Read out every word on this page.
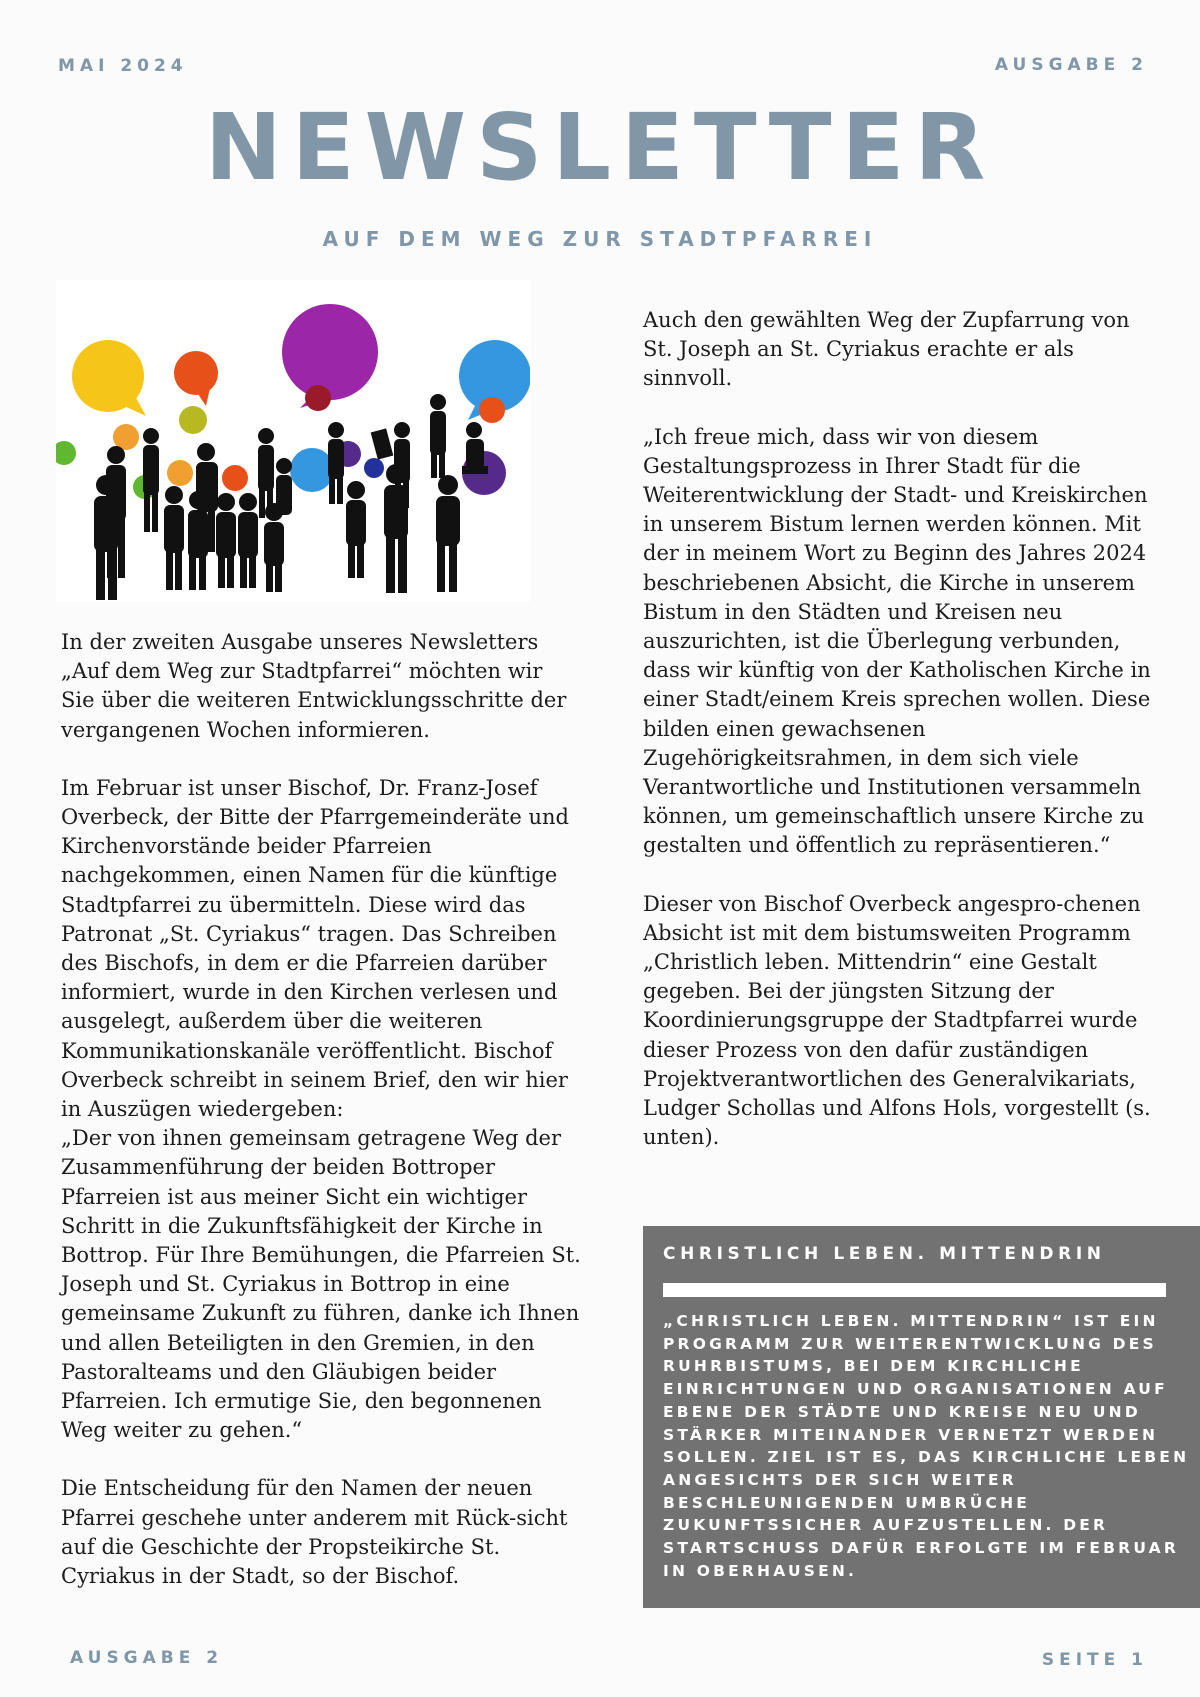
MAI 2024	AUSGABE 2
NEWSLETTER
AUF DEM WEG ZUR STADTPFARREI

In der zweiten Ausgabe unseres Newsletters „Auf dem Weg zur Stadtpfarrei“ möchten wir Sie über die weiteren Entwicklungsschritte der vergangenen Wochen informieren.

Im Februar ist unser Bischof, Dr. Franz-Josef Overbeck, der Bitte der Pfarrgemeinderäte und Kirchenvorstände beider Pfarreien nachgekommen, einen Namen für die künftige Stadtpfarrei zu übermitteln. Diese wird das Patronat „St. Cyriakus“ tragen. Das Schreiben des Bischofs, in dem er die Pfarreien darüber informiert, wurde in den Kirchen verlesen und ausgelegt, außerdem über die weiteren Kommunikationskanäle veröffentlicht. Bischof Overbeck schreibt in seinem Brief, den wir hier in Auszügen wiedergeben:

„Der von ihnen gemeinsam getragene Weg der Zusammenführung der beiden Bottroper Pfarreien ist aus meiner Sicht ein wichtiger Schritt in die Zukunftsfähigkeit der Kirche in Bottrop. Für Ihre Bemühungen, die Pfarreien St. Joseph und St. Cyriakus in Bottrop in eine gemeinsame Zukunft zu führen, danke ich Ihnen und allen Beteiligten in den Gremien, in den Pastoralteams und den Gläubigen beider Pfarreien. Ich ermutige Sie, den begonnenen Weg weiter zu gehen.“

Die Entscheidung für den Namen der neuen Pfarrei geschehe unter anderem mit Rück-sicht auf die Geschichte der Propsteikirche St. Cyriakus in der Stadt, so der Bischof.

Auch den gewählten Weg der Zupfarrung von St. Joseph an St. Cyriakus erachte er als sinnvoll.

„Ich freue mich, dass wir von diesem Gestaltungsprozess in Ihrer Stadt für die Weiterentwicklung der Stadt- und Kreiskirchen in unserem Bistum lernen werden können. Mit der in meinem Wort zu Beginn des Jahres 2024 beschriebenen Absicht, die Kirche in unserem Bistum in den Städten und Kreisen neu auszurichten, ist die Überlegung verbunden, dass wir künftig von der Katholischen Kirche in einer Stadt/einem Kreis sprechen wollen. Diese bilden einen gewachsenen Zugehörigkeitsrahmen, in dem sich viele Verantwortliche und Institutionen versammeln können, um gemeinschaftlich unsere Kirche zu gestalten und öffentlich zu repräsentieren.“

Dieser von Bischof Overbeck angespro-chenen Absicht ist mit dem bistumsweiten Programm „Christlich leben. Mittendrin“ eine Gestalt gegeben. Bei der jüngsten Sitzung der Koordinierungsgruppe der Stadtpfarrei wurde dieser Prozess von den dafür zuständigen Projektverantwortlichen des Generalvikariats, Ludger Schollas und Alfons Hols, vorgestellt (s. unten).

CHRISTLICH LEBEN. MITTENDRIN
„CHRISTLICH LEBEN. MITTENDRIN“ IST EIN PROGRAMM ZUR WEITERENTWICKLUNG DES RUHRBISTUMS, BEI DEM KIRCHLICHE EINRICHTUNGEN UND ORGANISATIONEN AUF EBENE DER STÄDTE UND KREISE NEU UND STÄRKER MITEINANDER VERNETZT WERDEN SOLLEN. ZIEL IST ES, DAS KIRCHLICHE LEBEN ANGESICHTS DER SICH WEITER BESCHLEUNIGENDEN UMBRÜCHE ZUKUNFTSSICHER AUFZUSTELLEN. DER STARTSCHUSS DAFÜR ERFOLGTE IM FEBRUAR IN OBERHAUSEN.
AUSGABE 2	SEITE 1
